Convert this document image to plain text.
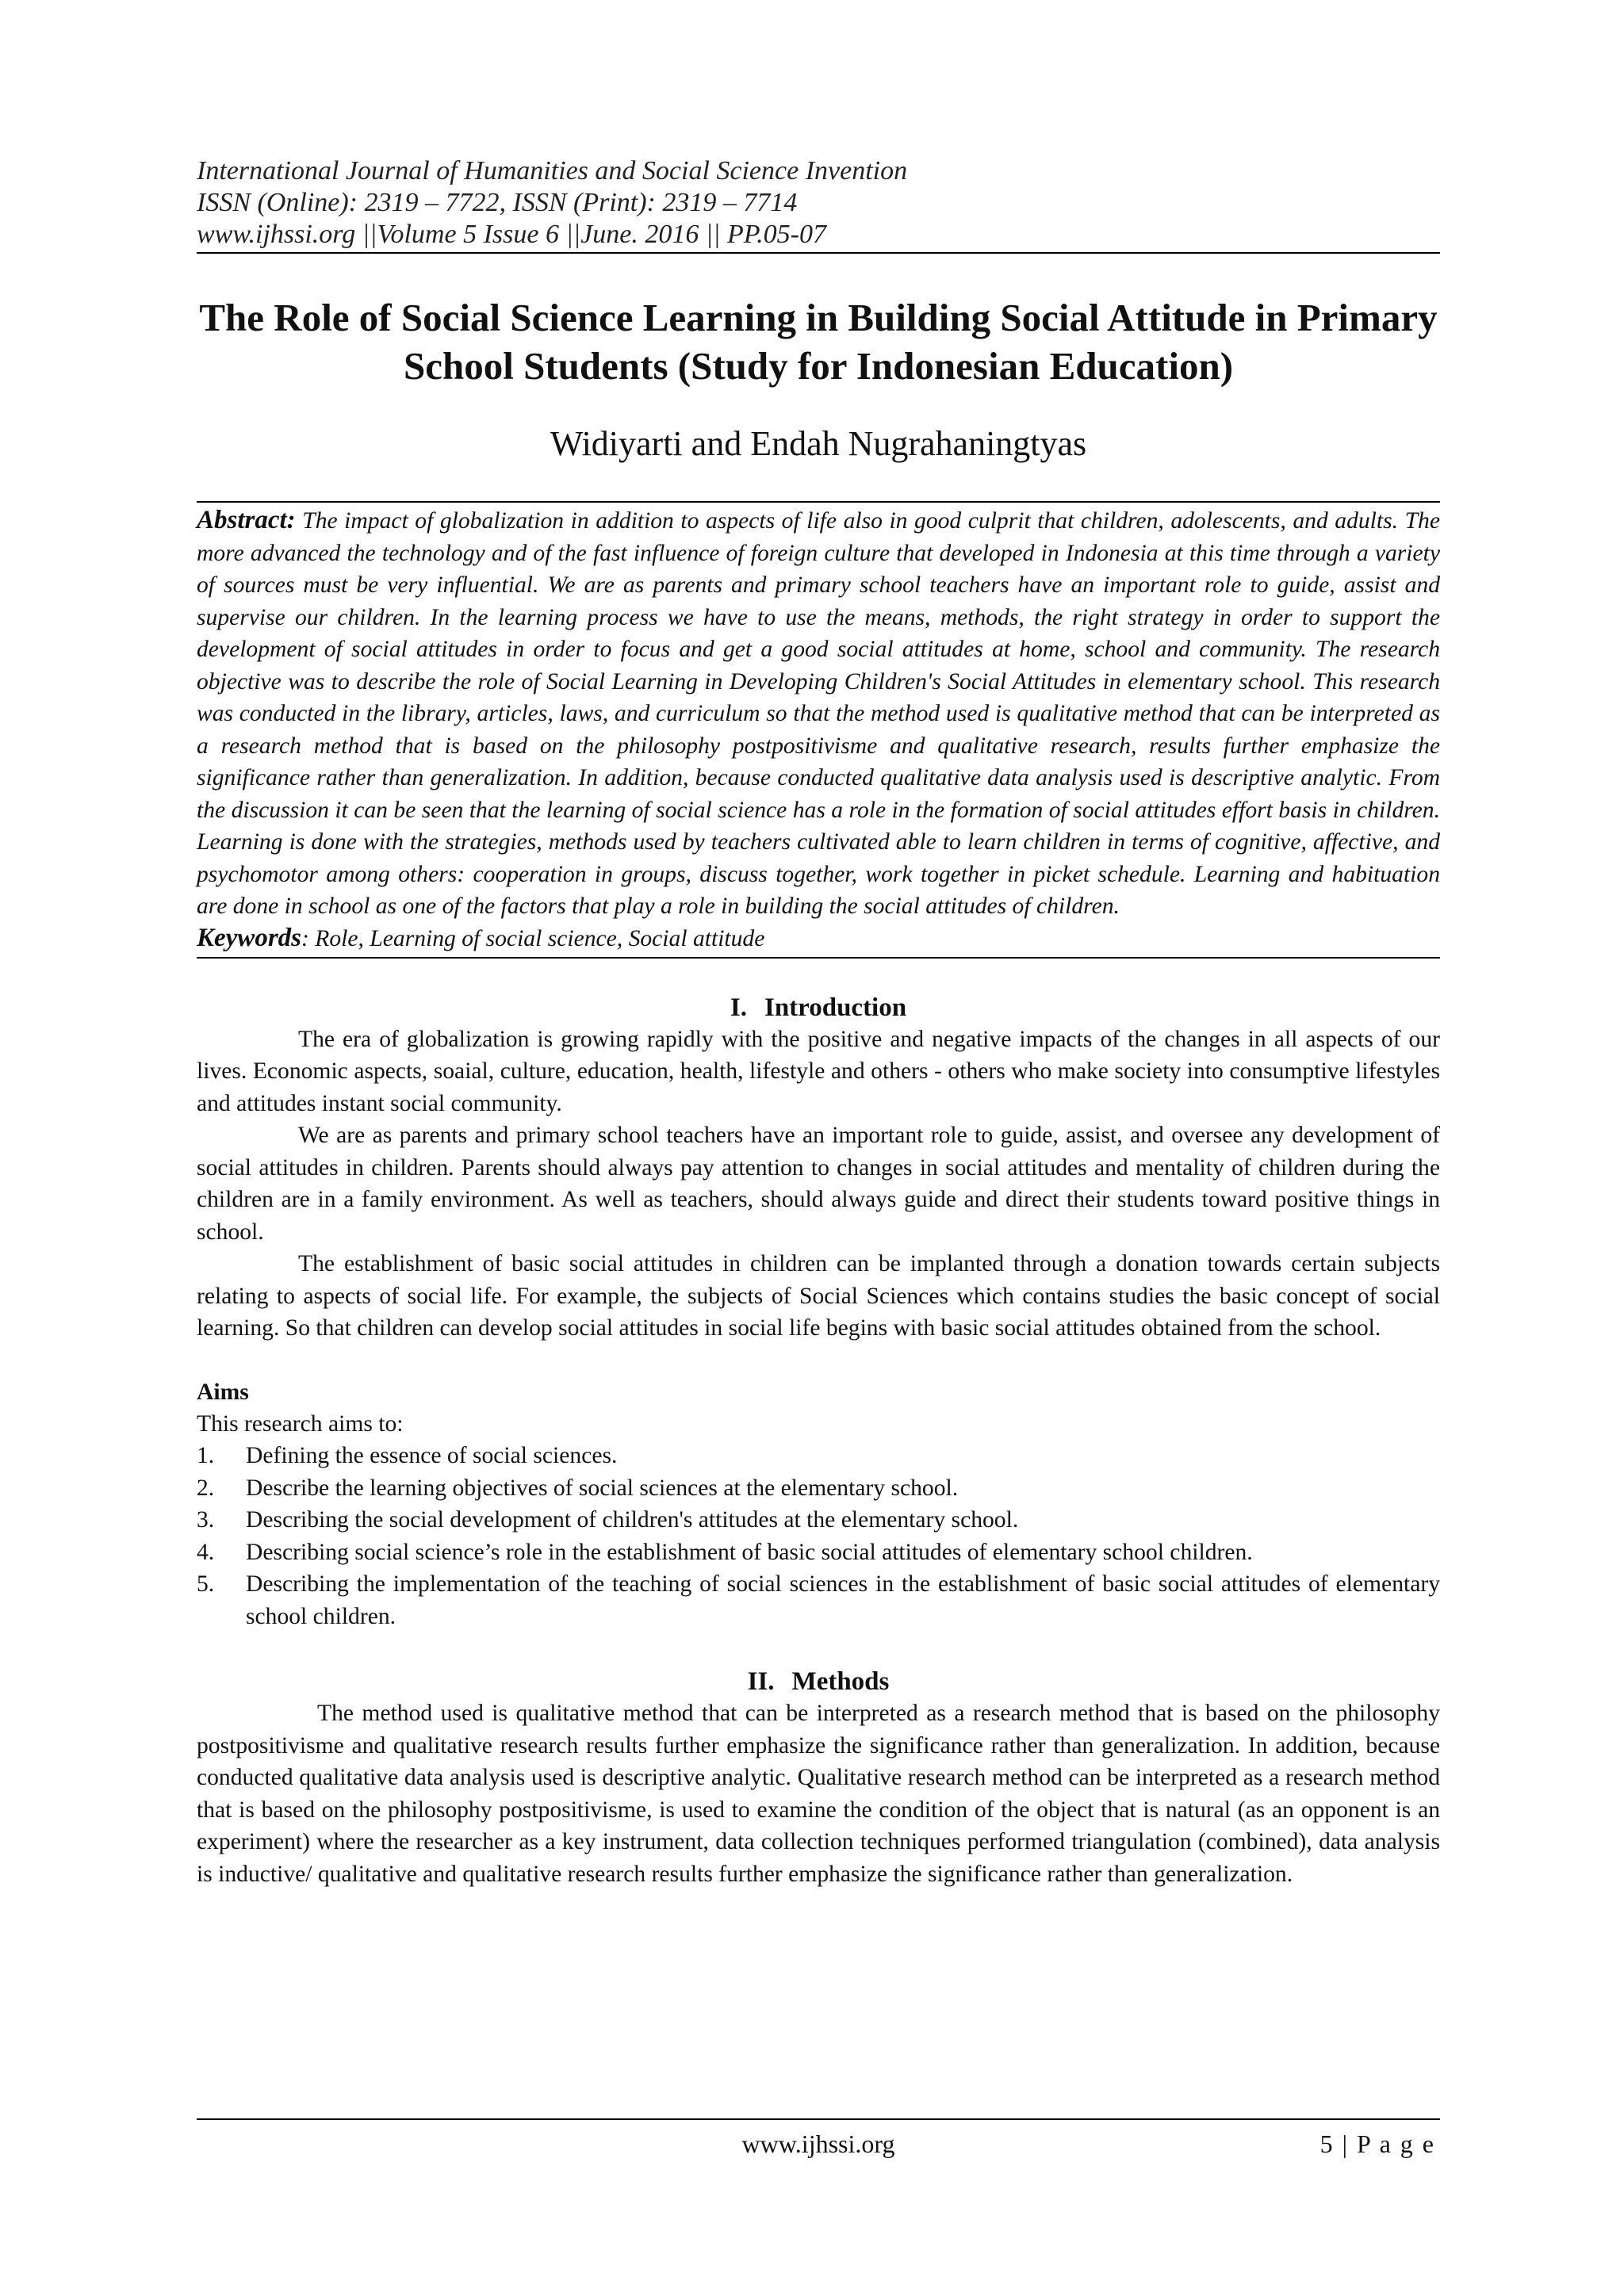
International Journal of Humanities and Social Science Invention
ISSN (Online): 2319 – 7722, ISSN (Print): 2319 – 7714
www.ijhssi.org ||Volume 5 Issue 6 ||June. 2016 || PP.05-07
The Role of Social Science Learning in Building Social Attitude in Primary School Students (Study for Indonesian Education)
Widiyarti and Endah Nugrahaningtyas
Abstract: The impact of globalization in addition to aspects of life also in good culprit that children, adolescents, and adults. The more advanced the technology and of the fast influence of foreign culture that developed in Indonesia at this time through a variety of sources must be very influential. We are as parents and primary school teachers have an important role to guide, assist and supervise our children. In the learning process we have to use the means, methods, the right strategy in order to support the development of social attitudes in order to focus and get a good social attitudes at home, school and community. The research objective was to describe the role of Social Learning in Developing Children's Social Attitudes in elementary school. This research was conducted in the library, articles, laws, and curriculum so that the method used is qualitative method that can be interpreted as a research method that is based on the philosophy postpositivisme and qualitative research, results further emphasize the significance rather than generalization. In addition, because conducted qualitative data analysis used is descriptive analytic. From the discussion it can be seen that the learning of social science has a role in the formation of social attitudes effort basis in children. Learning is done with the strategies, methods used by teachers cultivated able to learn children in terms of cognitive, affective, and psychomotor among others: cooperation in groups, discuss together, work together in picket schedule. Learning and habituation are done in school as one of the factors that play a role in building the social attitudes of children.
Keywords: Role, Learning of social science, Social attitude
I. Introduction

The era of globalization is growing rapidly with the positive and negative impacts of the changes in all aspects of our lives. Economic aspects, soaial, culture, education, health, lifestyle and others - others who make society into consumptive lifestyles and attitudes instant social community.

We are as parents and primary school teachers have an important role to guide, assist, and oversee any development of social attitudes in children. Parents should always pay attention to changes in social attitudes and mentality of children during the children are in a family environment. As well as teachers, should always guide and direct their students toward positive things in school.

The establishment of basic social attitudes in children can be implanted through a donation towards certain subjects relating to aspects of social life. For example, the subjects of Social Sciences which contains studies the basic concept of social learning. So that children can develop social attitudes in social life begins with basic social attitudes obtained from the school.

Aims
This research aims to:
1. Defining the essence of social sciences.
2. Describe the learning objectives of social sciences at the elementary school.
3. Describing the social development of children's attitudes at the elementary school.
4. Describing social science’s role in the establishment of basic social attitudes of elementary school children.
5. Describing the implementation of the teaching of social sciences in the establishment of basic social attitudes of elementary school children.
II. Methods

The method used is qualitative method that can be interpreted as a research method that is based on the philosophy postpositivisme and qualitative research results further emphasize the significance rather than generalization. In addition, because conducted qualitative data analysis used is descriptive analytic. Qualitative research method can be interpreted as a research method that is based on the philosophy postpositivisme, is used to examine the condition of the object that is natural (as an opponent is an experiment) where the researcher as a key instrument, data collection techniques performed triangulation (combined), data analysis is inductive/ qualitative and qualitative research results further emphasize the significance rather than generalization.

www.ijhssi.org	5 | P a g e
